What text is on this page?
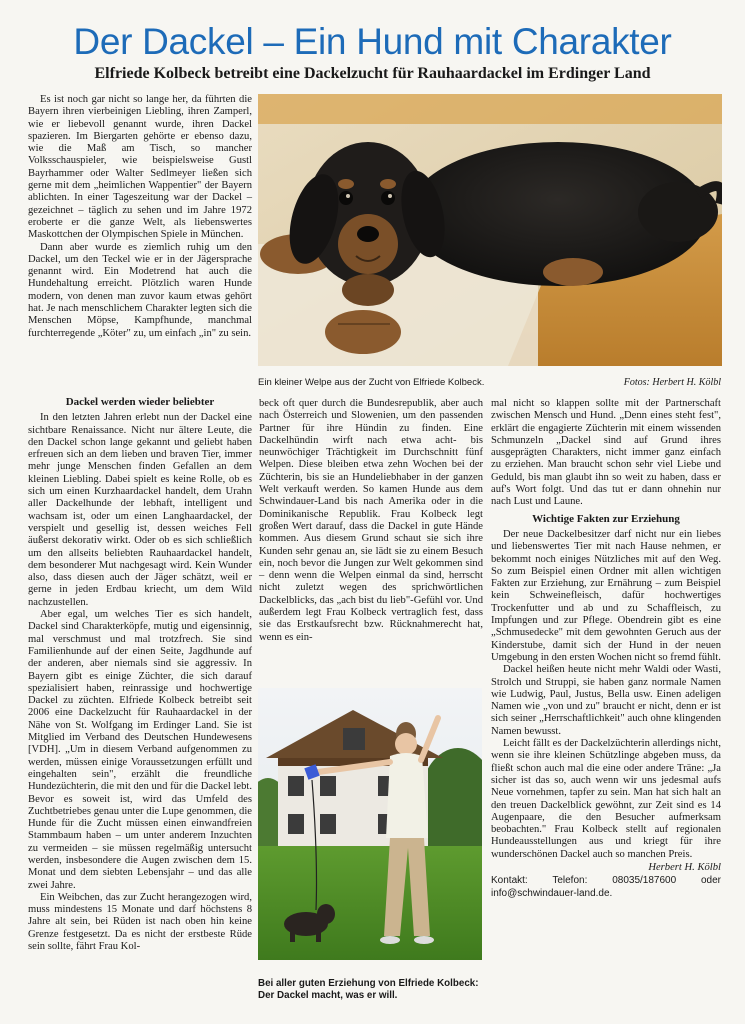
Der Dackel – Ein Hund mit Charakter
Elfriede Kolbeck betreibt eine Dackelzucht für Rauhaardackel im Erdinger Land

Es ist noch gar nicht so lange her, da führten die Bayern ihren vierbeinigen Liebling, ihren Zamperl, wie er liebevoll genannt wurde, ihren Dackel spazieren. Im Biergarten gehörte er ebenso dazu, wie die Maß am Tisch, so mancher Volksschauspieler, wie beispielsweise Gustl Bayrhammer oder Walter Sedlmeyer ließen sich gerne mit dem „heimlichen Wappentier" der Bayern ablichten. In einer Tageszeitung war der Dackel – gezeichnet – täglich zu sehen und im Jahre 1972 eroberte er die ganze Welt, als liebenswertes Maskottchen der Olympischen Spiele in München.

Dann aber wurde es ziemlich ruhig um den Dackel, um den Teckel wie er in der Jägersprache genannt wird. Ein Modetrend hat auch die Hundehaltung erreicht. Plötzlich waren Hunde modern, von denen man zuvor kaum etwas gehört hat. Je nach menschlichem Charakter legten sich die Menschen Möpse, Kampfhunde, manchmal furchterregende „Köter" zu, um einfach „in" zu sein.

Dackel werden wieder beliebter

In den letzten Jahren erlebt nun der Dackel eine sichtbare Renaissance. Nicht nur ältere Leute, die den Dackel schon lange gekannt und geliebt haben erfreuen sich an dem lieben und braven Tier, immer mehr junge Menschen finden Gefallen an dem kleinen Liebling. Dabei spielt es keine Rolle, ob es sich um einen Kurzhaardackel handelt, dem Urahn aller Dackelhunde der lebhaft, intelligent und wachsam ist, oder um einen Langhaardackel, der verspielt und gesellig ist, dessen weiches Fell äußerst dekorativ wirkt. Oder ob es sich schließlich um den allseits beliebten Rauhaardackel handelt, dem besonderer Mut nachgesagt wird. Kein Wunder also, dass diesen auch der Jäger schätzt, weil er gerne in jeden Erdbau kriecht, um dem Wild nachzustellen.

Aber egal, um welches Tier es sich handelt, Dackel sind Charakterköpfe, mutig und eigensinnig, mal verschmust und mal trotzfrech. Sie sind Familienhunde auf der einen Seite, Jagdhunde auf der anderen, aber niemals sind sie aggressiv. In Bayern gibt es einige Züchter, die sich darauf spezialisiert haben, reinrassige und hochwertige Dackel zu züchten. Elfriede Kolbeck betreibt seit 2006 eine Dackelzucht für Rauhaardackel in der Nähe von St. Wolfgang im Erdinger Land. Sie ist Mitglied im Verband des Deutschen Hundewesens [VDH]. „Um in diesem Verband aufgenommen zu werden, müssen einige Voraussetzungen erfüllt und eingehalten sein", erzählt die freundliche Hundezüchterin, die mit den und für die Dackel lebt. Bevor es soweit ist, wird das Umfeld des Zuchtbetriebes genau unter die Lupe genommen, die Hunde für die Zucht müssen einen einwandfreien Stammbaum haben – um unter anderem Inzuchten zu vermeiden – sie müssen regelmäßig untersucht werden, insbesondere die Augen zwischen dem 15. Monat und dem siebten Lebensjahr – und das alle zwei Jahre.

Ein Weibchen, das zur Zucht herangezogen wird, muss mindestens 15 Monate und darf höchstens 8 Jahre alt sein, bei Rüden ist nach oben hin keine Grenze festgesetzt. Da es nicht der erstbeste Rüde sein sollte, fährt Frau Kol-

Ein kleiner Welpe aus der Zucht von Elfriede Kolbeck.	Fotos: Herbert H. Kölbl

beck oft quer durch die Bundesrepublik, aber auch nach Österreich und Slowenien, um den passenden Partner für ihre Hündin zu finden. Eine Dackelhündin wirft nach etwa acht- bis neunwöchiger Trächtigkeit im Durchschnitt fünf Welpen. Diese bleiben etwa zehn Wochen bei der Züchterin, bis sie an Hundeliebhaber in der ganzen Welt verkauft werden. So kamen Hunde aus dem Schwindauer-Land bis nach Amerika oder in die Dominikanische Republik. Frau Kolbeck legt großen Wert darauf, dass die Dackel in gute Hände kommen. Aus diesem Grund schaut sie sich ihre Kunden sehr genau an, sie lädt sie zu einem Besuch ein, noch bevor die Jungen zur Welt gekommen sind – denn wenn die Welpen einmal da sind, herrscht nicht zuletzt wegen des sprichwörtlichen Dackelblicks, das „ach bist du lieb"-Gefühl vor. Und außerdem legt Frau Kolbeck vertraglich fest, dass sie das Erstkaufsrecht bzw. Rücknahmerecht hat, wenn es ein-

Bei aller guten Erziehung von Elfriede Kolbeck: Der Dackel macht, was er will.

mal nicht so klappen sollte mit der Partnerschaft zwischen Mensch und Hund. „Denn eines steht fest", erklärt die engagierte Züchterin mit einem wissenden Schmunzeln „Dackel sind auf Grund ihres ausgeprägten Charakters, nicht immer ganz einfach zu erziehen. Man braucht schon sehr viel Liebe und Geduld, bis man glaubt ihn so weit zu haben, dass er auf's Wort folgt. Und das tut er dann ohnehin nur nach Lust und Laune.

Wichtige Fakten zur Erziehung

Der neue Dackelbesitzer darf nicht nur ein liebes und liebenswertes Tier mit nach Hause nehmen, er bekommt noch einiges Nützliches mit auf den Weg. So zum Beispiel einen Ordner mit allen wichtigen Fakten zur Erziehung, zur Ernährung – zum Beispiel kein Schweinefleisch, dafür hochwertiges Trockenfutter und ab und zu Schaffleisch, zu Impfungen und zur Pflege. Obendrein gibt es eine „Schmusedecke" mit dem gewohnten Geruch aus der Kinderstube, damit sich der Hund in der neuen Umgebung in den ersten Wochen nicht so fremd fühlt.

Dackel heißen heute nicht mehr Waldi oder Wasti, Strolch und Struppi, sie haben ganz normale Namen wie Ludwig, Paul, Justus, Bella usw. Einen adeligen Namen wie „von und zu" braucht er nicht, denn er ist sich seiner „Herrschaftlichkeit" auch ohne klingenden Namen bewusst.

Leicht fällt es der Dackelzüchterin allerdings nicht, wenn sie ihre kleinen Schützlinge abgeben muss, da fließt schon auch mal die eine oder andere Träne: „Ja sicher ist das so, auch wenn wir uns jedesmal aufs Neue vornehmen, tapfer zu sein. Man hat sich halt an den treuen Dackelblick gewöhnt, zur Zeit sind es 14 Augenpaare, die den Besucher aufmerksam beobachten." Frau Kolbeck stellt auf regionalen Hundeausstellungen aus und kriegt für ihre wunderschönen Dackel auch so manchen Preis.

Herbert H. Kölbl
Kontakt: Telefon: 08035/187600 oder info@schwindauer-land.de.
